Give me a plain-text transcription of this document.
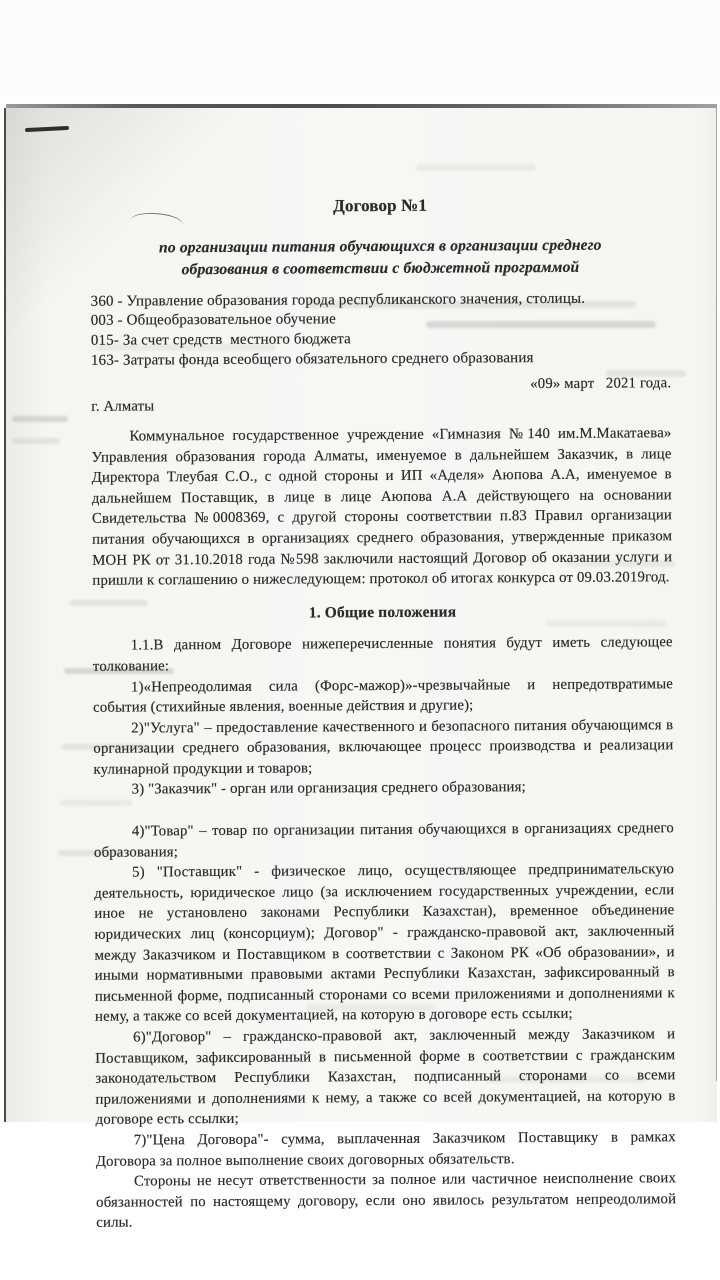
Договор №1
по организации питания обучающихся в организации среднего
образования в соответствии с бюджетной программой
360 - Управление образования города республиканского значения, столицы.
003 - Общеобразовательное обучение
015- За счет средств  местного бюджета
163- Затраты фонда всеобщего обязательного среднего образования
«09» март   2021 года.
г. Алматы

Коммунальное государственное учреждение «Гимназия №140 им.М.Макатаева» Управления образования города Алматы, именуемое в дальнейшем Заказчик, в лице Директора Тлеубая С.О., с одной стороны и ИП «Аделя» Аюпова А.А, именуемое в дальнейшем Поставщик, в лице в лице Аюпова А.А действующего на основании Свидетельства №0008369, с другой стороны соответствии п.83 Правил организации питания обучающихся в организациях среднего образования, утвержденные приказом МОН РК от 31.10.2018 года №598 заключили настоящий Договор об оказании услуги и пришли к соглашению о нижеследующем: протокол об итогах конкурса от 09.03.2019год.

1. Общие положения

1.1.В данном Договоре нижеперечисленные понятия будут иметь следующее толкование:

1)«Непреодолимая сила (Форс-мажор)»-чрезвычайные и непредотвратимые события (стихийные явления, военные действия и другие);

2)"Услуга" – предоставление качественного и безопасного питания обучающимся в организации среднего образования, включающее процесс производства и реализации кулинарной продукции и товаров;

3) "Заказчик" - орган или организация среднего образования;

4)"Товар" – товар по организации питания обучающихся в организациях среднего образования;

5) "Поставщик" - физическое лицо, осуществляющее предпринимательскую деятельность, юридическое лицо (за исключением государственных учреждении, если иное не установлено законами Республики Казахстан), временное объединение юридических лиц (консорциум); Договор" - гражданско-правовой акт, заключенный между Заказчиком и Поставщиком в соответствии с Законом РК «Об образовании», и иными нормативными правовыми актами Республики Казахстан, зафиксированный в письменной форме, подписанный сторонами со всеми приложениями и дополнениями к нему, а также со всей документацией, на которую в договоре есть ссылки;

6)"Договор" – гражданско-правовой акт, заключенный между Заказчиком и Поставщиком, зафиксированный в письменной форме в соответствии с гражданским законодательством Республики Казахстан, подписанный сторонами со всеми приложениями и дополнениями к нему, а также со всей документацией, на которую в договоре есть ссылки;

7)"Цена Договора"- сумма, выплаченная Заказчиком Поставщику в рамках Договора за полное выполнение своих договорных обязательств.

Стороны не несут ответственности за полное или частичное неисполнение своих обязанностей по настоящему договору, если оно явилось результатом непреодолимой силы.
